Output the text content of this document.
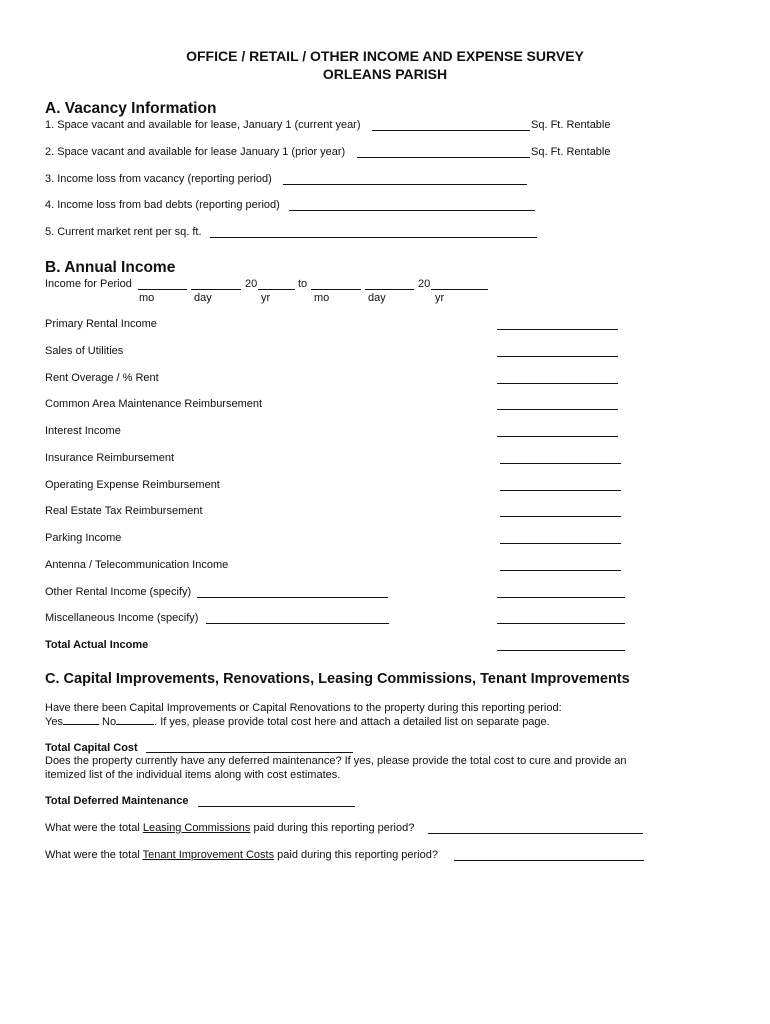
OFFICE / RETAIL / OTHER INCOME AND EXPENSE SURVEY
ORLEANS PARISH
A. Vacancy Information
1. Space vacant and available for lease, January 1 (current year)	Sq. Ft. Rentable
2. Space vacant and available for lease January 1 (prior year)	Sq. Ft. Rentable
3. Income loss from vacancy (reporting period)
4. Income loss from bad debts (reporting period)
5. Current market rent per sq. ft.
B. Annual Income
Income for Period	20	to	20
mo	day	yr	mo	day	yr
Primary Rental Income
Sales of Utilities
Rent Overage / % Rent
Common Area Maintenance Reimbursement
Interest Income
Insurance Reimbursement
Operating Expense Reimbursement
Real Estate Tax Reimbursement
Parking Income
Antenna / Telecommunication Income
Other Rental Income (specify)
Miscellaneous Income (specify)
Total Actual Income
C. Capital Improvements, Renovations, Leasing Commissions, Tenant Improvements
Have there been Capital Improvements or Capital Renovations to the property during this reporting period:
Yes	No	. If yes, please provide total cost here and attach a detailed list on separate page.
Total Capital Cost
Does the property currently have any deferred maintenance? If yes, please provide the total cost to cure and provide an
itemized list of the individual items along with cost estimates.
Total Deferred Maintenance
What were the total Leasing Commissions paid during this reporting period?
What were the total Tenant Improvement Costs paid during this reporting period?
